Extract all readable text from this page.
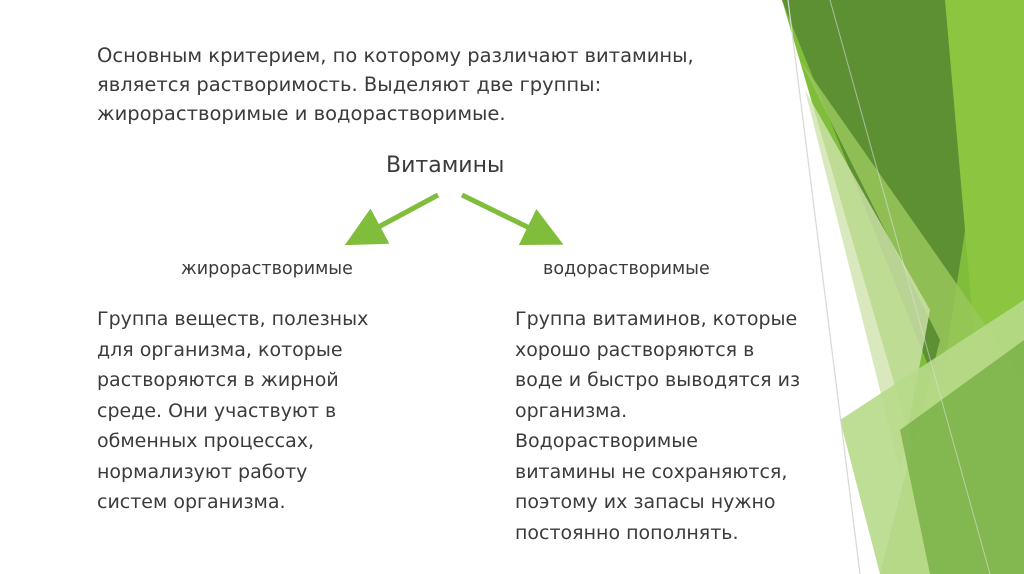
Основным критерием, по которому различают витамины,
является растворимость. Выделяют две группы:
жирорастворимые и водорастворимые.

Витамины
жирорастворимые	водорастворимые

Группа веществ, полезных
для организма, которые
растворяются в жирной
среде. Они участвуют в
обменных процессах,
нормализуют работу
систем организма.

Группа витаминов, которые
хорошо растворяются в
воде и быстро выводятся из
организма.
Водорастворимые
витамины не сохраняются,
поэтому их запасы нужно
постоянно пополнять.
